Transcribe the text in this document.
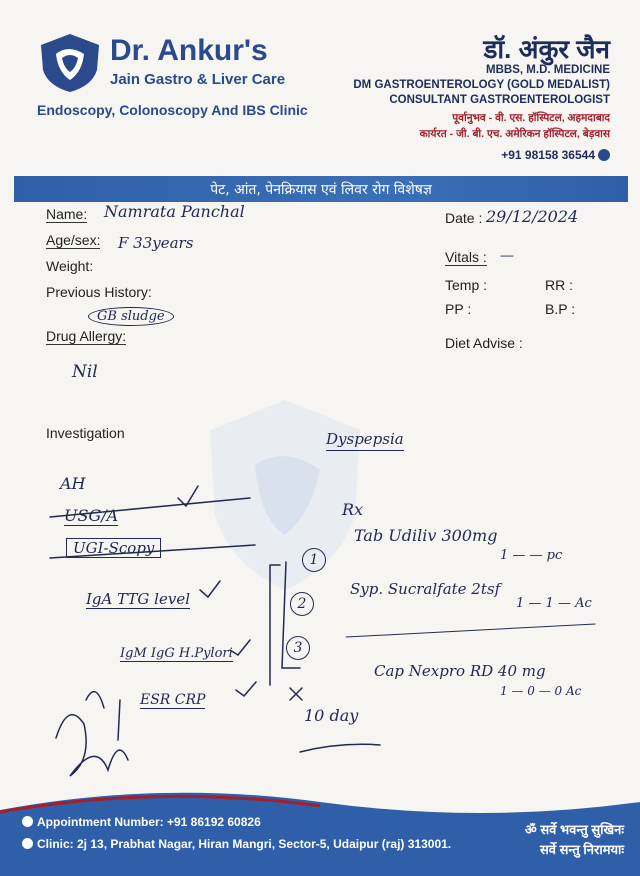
Dr. Ankur's
Jain Gastro & Liver Care
Endoscopy, Colonoscopy And IBS Clinic
डॉ. अंकुर जैन
MBBS, M.D. MEDICINE
DM GASTROENTEROLOGY (GOLD MEDALIST)
CONSULTANT GASTROENTEROLOGIST
पूर्वानुभव - वी. एस. हॉस्पिटल, अहमदाबाद
कार्यरत - जी. बी. एच. अमेरिकन हॉस्पिटल, बेड़वास
+91 98158 36544
पेट, आंत, पेनक्रियास एवं लिवर रोग विशेषज्ञ
Name:
Age/sex:
Weight:
Previous History:
Drug Allergy:
Investigation
Date :
Vitals :
Temp :	RR :
PP :	B.P :
Diet Advise :
Namrata Panchal
F 33years
29/12/2024
—
GB sludge
Nil
Dyspepsia
AH
USG/A
UGI-Scopy
IgA TTG level
IgM IgG H.Pylori
ESR CRP
Rx
1
Tab Udiliv 300mg
1 — — pc
2
Syp. Sucralfate 2tsf
1 — 1 — Ac
3
Cap Nexpro RD 40 mg
1 — 0 — 0 Ac
10 day
Appointment Number: +91 86192 60826
Clinic: 2j 13, Prabhat Nagar, Hiran Mangri, Sector-5, Udaipur (raj) 313001.
ॐ सर्वे भवन्तु सुखिनः
सर्वे सन्तु निरामयाः
